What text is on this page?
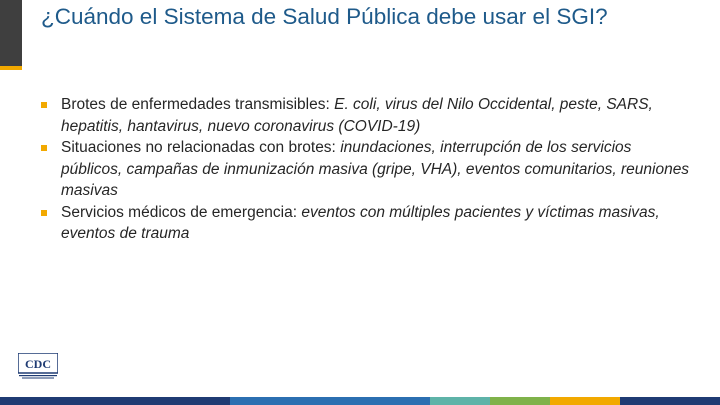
¿Cuándo el Sistema de Salud Pública debe usar el SGI?
Brotes de enfermedades transmisibles: E. coli, virus del Nilo Occidental, peste, SARS, hepatitis, hantavirus, nuevo coronavirus (COVID-19)
Situaciones no relacionadas con brotes: inundaciones, interrupción de los servicios públicos, campañas de inmunización masiva (gripe, VHA), eventos comunitarios, reuniones masivas
Servicios médicos de emergencia: eventos con múltiples pacientes y víctimas masivas, eventos de trauma
CDC
